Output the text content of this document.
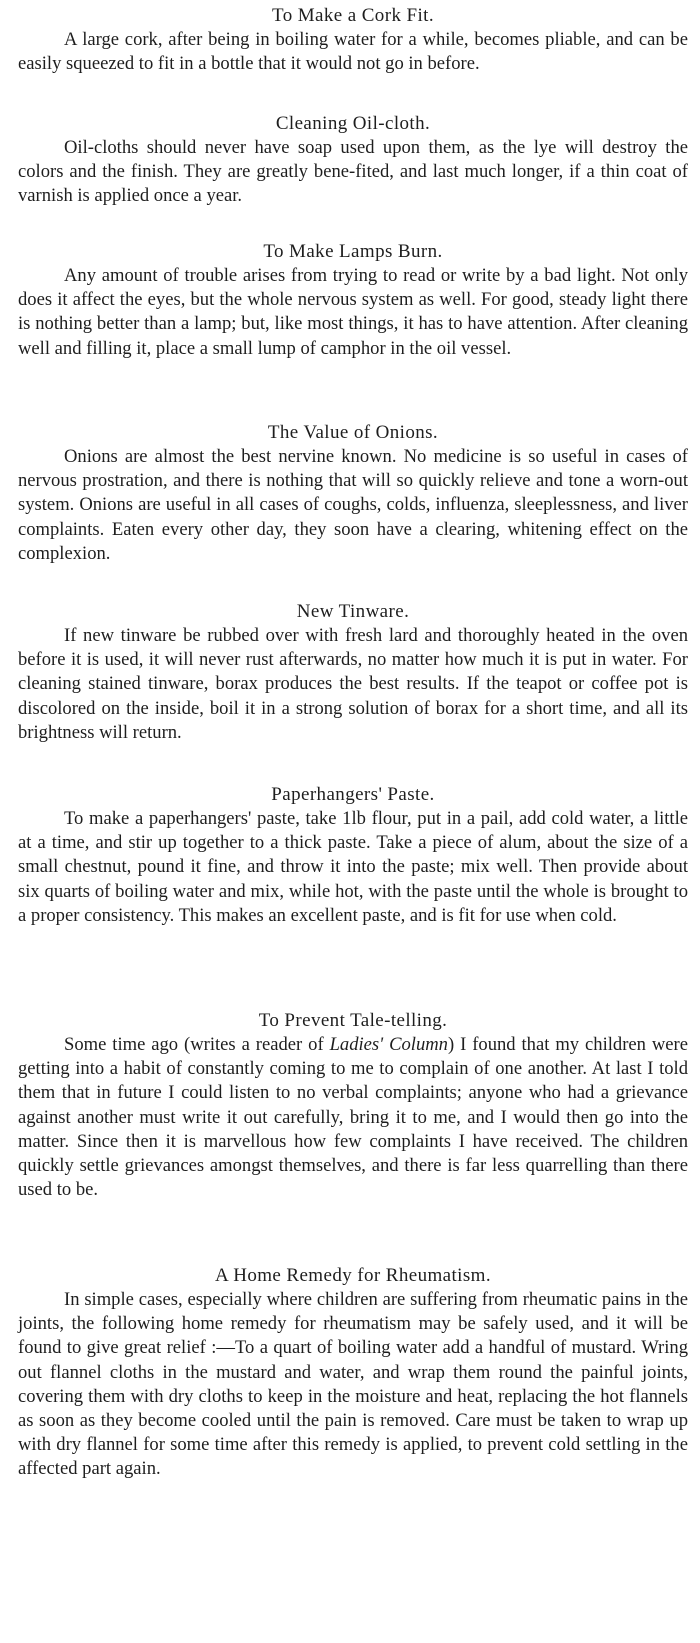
To Make a Cork Fit.

A large cork, after being in boiling water for a while, becomes pliable, and can be easily squeezed to fit in a bottle that it would not go in before.

Cleaning Oil-cloth.

Oil-cloths should never have soap used upon them, as the lye will destroy the colors and the finish. They are greatly bene-fited, and last much longer, if a thin coat of varnish is applied once a year.

To Make Lamps Burn.

Any amount of trouble arises from trying to read or write by a bad light. Not only does it affect the eyes, but the whole nervous system as well. For good, steady light there is nothing better than a lamp; but, like most things, it has to have attention. After cleaning well and filling it, place a small lump of camphor in the oil vessel.

The Value of Onions.

Onions are almost the best nervine known. No medicine is so useful in cases of nervous prostration, and there is nothing that will so quickly relieve and tone a worn-out system. Onions are useful in all cases of coughs, colds, influenza, sleeplessness, and liver complaints. Eaten every other day, they soon have a clearing, whitening effect on the complexion.

New Tinware.

If new tinware be rubbed over with fresh lard and thoroughly heated in the oven before it is used, it will never rust afterwards, no matter how much it is put in water. For cleaning stained tinware, borax produces the best results. If the teapot or coffee pot is discolored on the inside, boil it in a strong solution of borax for a short time, and all its brightness will return.

Paperhangers' Paste.

To make a paperhangers' paste, take 1lb flour, put in a pail, add cold water, a little at a time, and stir up together to a thick paste. Take a piece of alum, about the size of a small chestnut, pound it fine, and throw it into the paste; mix well. Then provide about six quarts of boiling water and mix, while hot, with the paste until the whole is brought to a proper consistency. This makes an excellent paste, and is fit for use when cold.

To Prevent Tale-telling.

Some time ago (writes a reader of Ladies' Column) I found that my children were getting into a habit of constantly coming to me to complain of one another. At last I told them that in future I could listen to no verbal complaints; anyone who had a grievance against another must write it out carefully, bring it to me, and I would then go into the matter. Since then it is marvellous how few complaints I have received. The children quickly settle grievances amongst themselves, and there is far less quarrelling than there used to be.

A Home Remedy for Rheumatism.

In simple cases, especially where children are suffering from rheumatic pains in the joints, the following home remedy for rheumatism may be safely used, and it will be found to give great relief :—To a quart of boiling water add a handful of mustard. Wring out flannel cloths in the mustard and water, and wrap them round the painful joints, covering them with dry cloths to keep in the moisture and heat, replacing the hot flannels as soon as they become cooled until the pain is removed. Care must be taken to wrap up with dry flannel for some time after this remedy is applied, to prevent cold settling in the affected part again.
